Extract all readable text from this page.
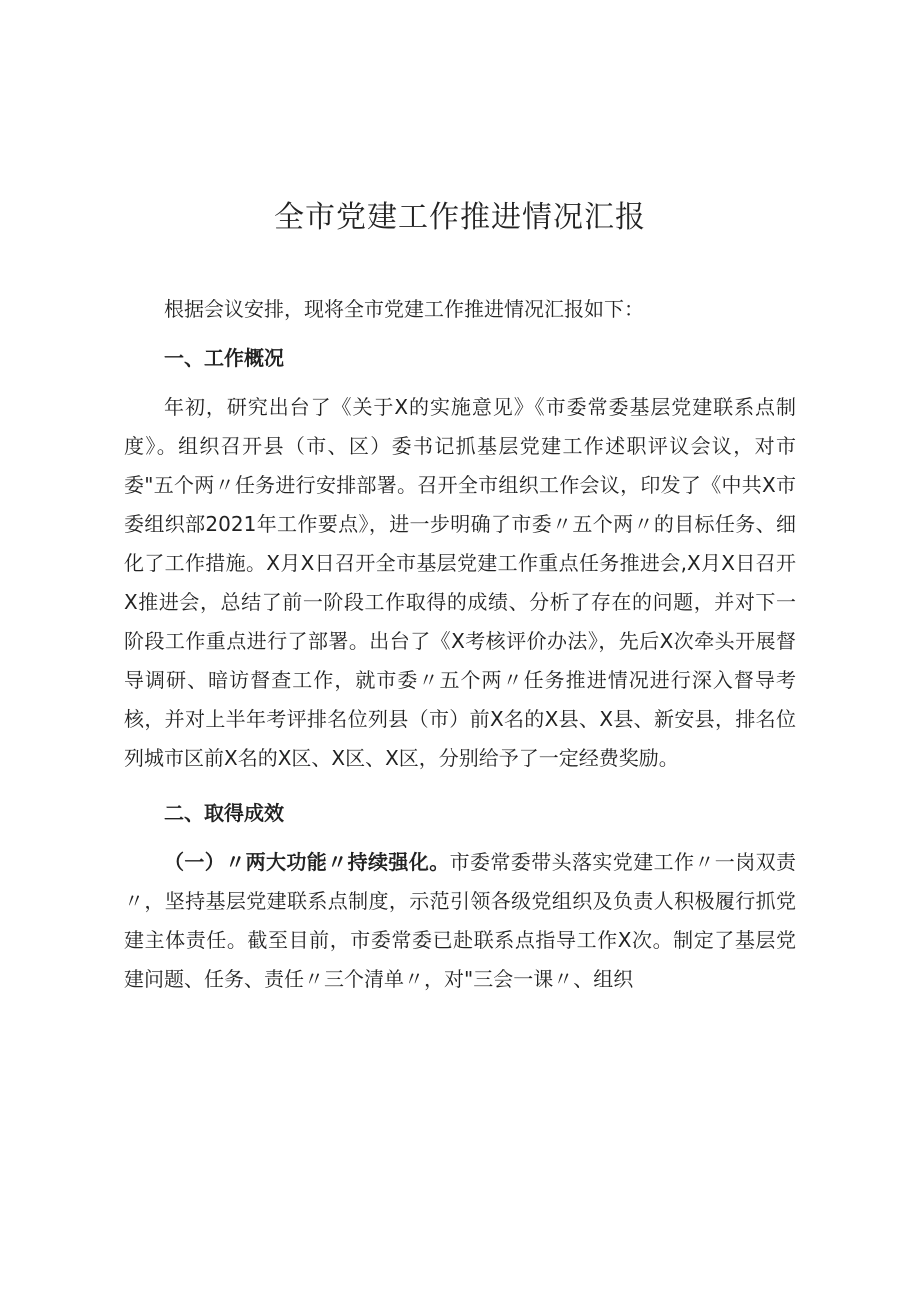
全市党建工作推进情况汇报

根据会议安排，现将全市党建工作推进情况汇报如下：

一、工作概况

年初，研究出台了《关于X的实施意见》《市委常委基层党建联系点制度》。组织召开县（市、区）委书记抓基层党建工作述职评议会议，对市委"五个两〃任务进行安排部署。召开全市组织工作会议，印发了《中共X市委组织部2021年工作要点》，进一步明确了市委〃五个两〃的目标任务、细化了工作措施。X月X日召开全市基层党建工作重点任务推进会,X月X日召开X推进会，总结了前一阶段工作取得的成绩、分析了存在的问题，并对下一阶段工作重点进行了部署。出台了《X考核评价办法》，先后X次牵头开展督导调研、暗访督查工作，就市委〃五个两〃任务推进情况进行深入督导考核，并对上半年考评排名位列县（市）前X名的X县、X县、新安县，排名位列城市区前X名的X区、X区、X区，分别给予了一定经费奖励。

二、取得成效

（一）〃两大功能〃持续强化。市委常委带头落实党建工作〃一岗双责〃，坚持基层党建联系点制度，示范引领各级党组织及负责人积极履行抓党建主体责任。截至目前，市委常委已赴联系点指导工作X次。制定了基层党建问题、任务、责任〃三个清单〃，对"三会一课〃、组织
